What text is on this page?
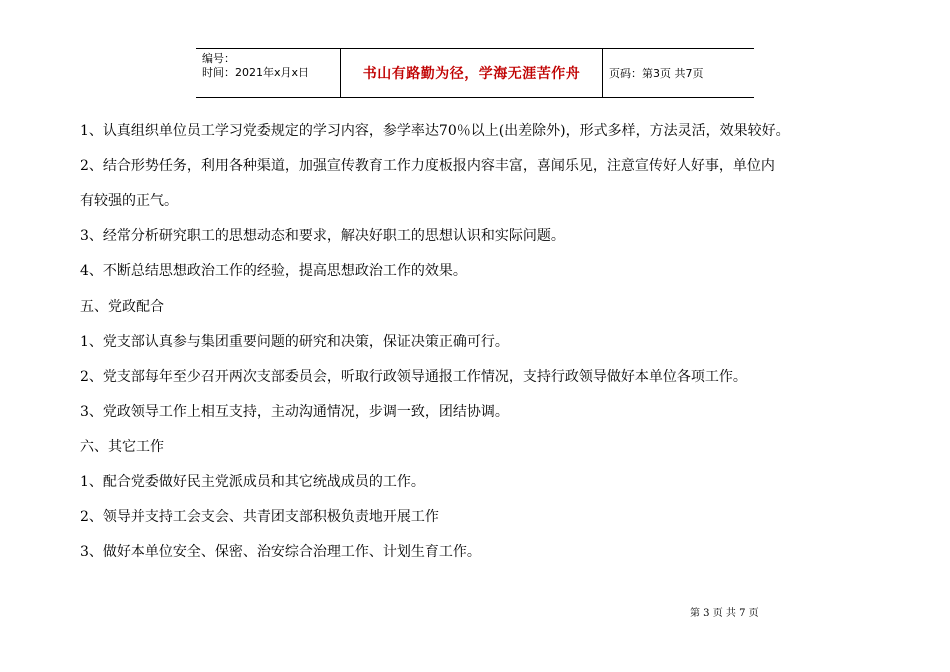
编号：
时间：2021年x月x日	书山有路勤为径，学海无涯苦作舟	页码：第3页 共7页
1、认真组织单位员工学习党委规定的学习内容，参学率达70％以上(出差除外)，形式多样，方法灵活，效果较好。
2、结合形势任务，利用各种渠道，加强宣传教育工作力度板报内容丰富，喜闻乐见，注意宣传好人好事，单位内
有较强的正气。
3、经常分析研究职工的思想动态和要求，解决好职工的思想认识和实际问题。
4、不断总结思想政治工作的经验，提高思想政治工作的效果。
五、党政配合
1、党支部认真参与集团重要问题的研究和决策，保证决策正确可行。
2、党支部每年至少召开两次支部委员会，听取行政领导通报工作情况，支持行政领导做好本单位各项工作。
3、党政领导工作上相互支持，主动沟通情况，步调一致，团结协调。
六、其它工作
1、配合党委做好民主党派成员和其它统战成员的工作。
2、领导并支持工会支会、共青团支部积极负责地开展工作
3、做好本单位安全、保密、治安综合治理工作、计划生育工作。
第 3 页 共 7 页
